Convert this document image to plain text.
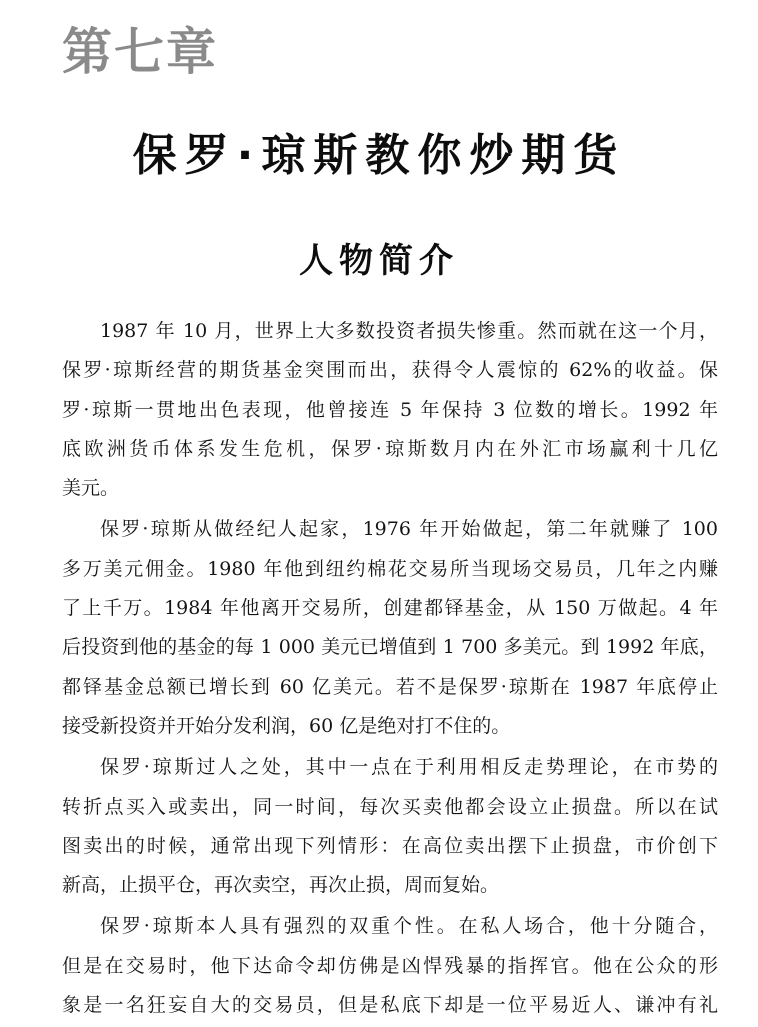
第七章
保罗·琼斯教你炒期货
人物简介
1987 年 10 月，世界上大多数投资者损失惨重。然而就在这一个月，
保罗·琼斯经营的期货基金突围而出，获得令人震惊的 62%的收益。保
罗·琼斯一贯地出色表现，他曾接连 5 年保持 3 位数的增长。1992 年
底欧洲货币体系发生危机，保罗·琼斯数月内在外汇市场赢利十几亿
美元。
保罗·琼斯从做经纪人起家，1976 年开始做起，第二年就赚了 100
多万美元佣金。1980 年他到纽约棉花交易所当现场交易员，几年之内赚
了上千万。1984 年他离开交易所，创建都铎基金，从 150 万做起。4 年
后投资到他的基金的每 1 000 美元已增值到 1 700 多美元。到 1992 年底，
都铎基金总额已增长到 60 亿美元。若不是保罗·琼斯在 1987 年底停止
接受新投资并开始分发利润，60 亿是绝对打不住的。
保罗·琼斯过人之处，其中一点在于利用相反走势理论，在市势的
转折点买入或卖出，同一时间，每次买卖他都会设立止损盘。所以在试
图卖出的时候，通常出现下列情形：在高位卖出摆下止损盘，市价创下
新高，止损平仓，再次卖空，再次止损，周而复始。
保罗·琼斯本人具有强烈的双重个性。在私人场合，他十分随合，
但是在交易时，他下达命令却仿佛是凶悍残暴的指挥官。他在公众的形
象是一名狂妄自大的交易员，但是私底下却是一位平易近人、谦冲有礼
